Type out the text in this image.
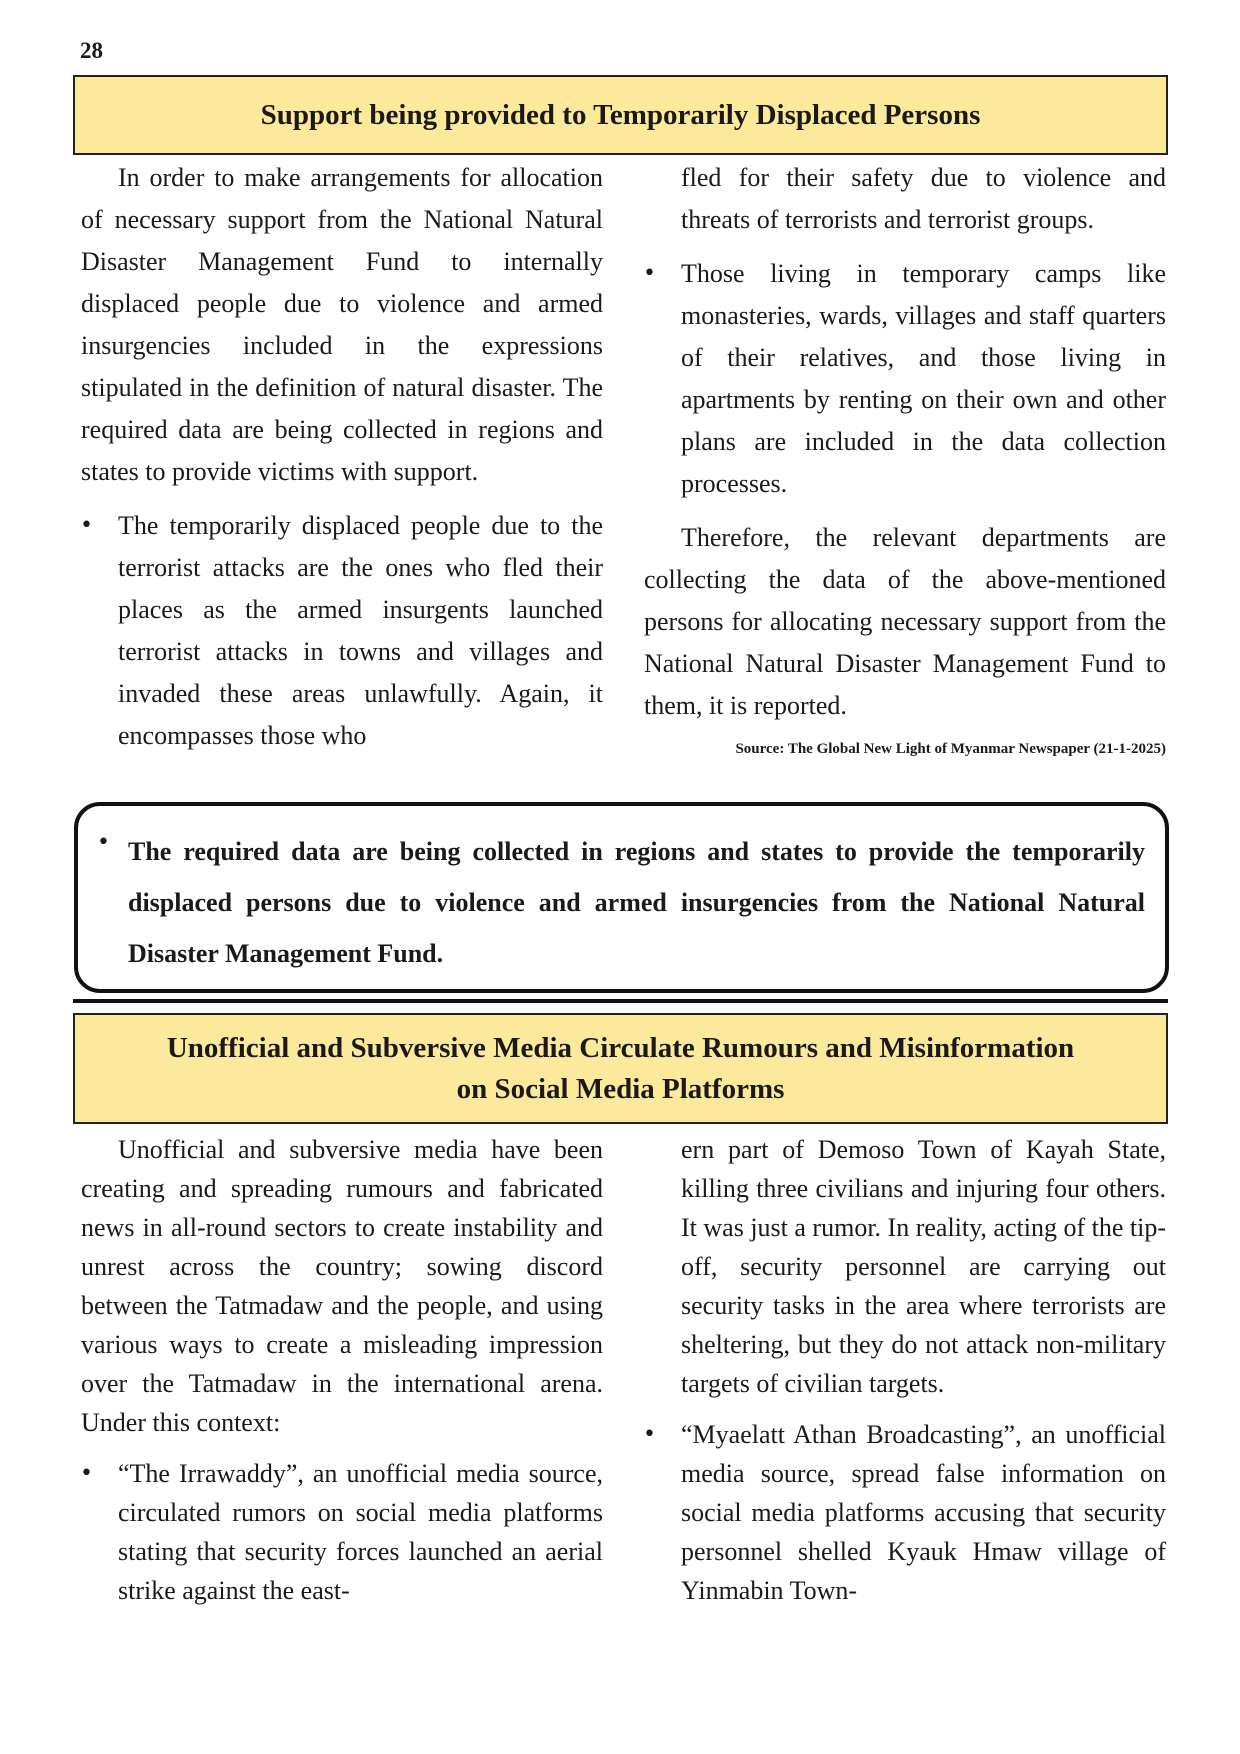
28
Support being provided to Temporarily Displaced Persons

In order to make arrangements for allocation of necessary support from the National Natural Disaster Management Fund to internally displaced people due to violence and armed insurgencies included in the expressions stipulated in the definition of natural disaster. The required data are being collected in regions and states to provide victims with support.

• The temporarily displaced people due to the terrorist attacks are the ones who fled their places as the armed insurgents launched terrorist attacks in towns and villages and invaded these areas unlawfully. Again, it encompasses those who
fled for their safety due to violence and threats of terrorists and terrorist groups.
• Those living in temporary camps like monasteries, wards, villages and staff quarters of their relatives, and those living in apartments by renting on their own and other plans are included in the data collection processes.

Therefore, the relevant departments are collecting the data of the above-mentioned persons for allocating necessary support from the National Natural Disaster Management Fund to them, it is reported.

Source: The Global New Light of Myanmar Newspaper (21-1-2025)
• The required data are being collected in regions and states to provide the temporarily displaced persons due to violence and armed insurgencies from the National Natural Disaster Management Fund.
Unofficial and Subversive Media Circulate Rumours and Misinformation
on Social Media Platforms

Unofficial and subversive media have been creating and spreading rumours and fabricated news in all-round sectors to create instability and unrest across the country; sowing discord between the Tatmadaw and the people, and using various ways to create a misleading impression over the Tatmadaw in the international arena. Under this context:

• “The Irrawaddy”, an unofficial media source, circulated rumors on social media platforms stating that security forces launched an aerial strike against the east-
ern part of Demoso Town of Kayah State, killing three civilians and injuring four others. It was just a rumor. In reality, acting of the tip-off, security personnel are carrying out security tasks in the area where terrorists are sheltering, but they do not attack non-military targets of civilian targets.
• “Myaelatt Athan Broadcasting”, an unofficial media source, spread false information on social media platforms accusing that security personnel shelled Kyauk Hmaw village of Yinmabin Town-
